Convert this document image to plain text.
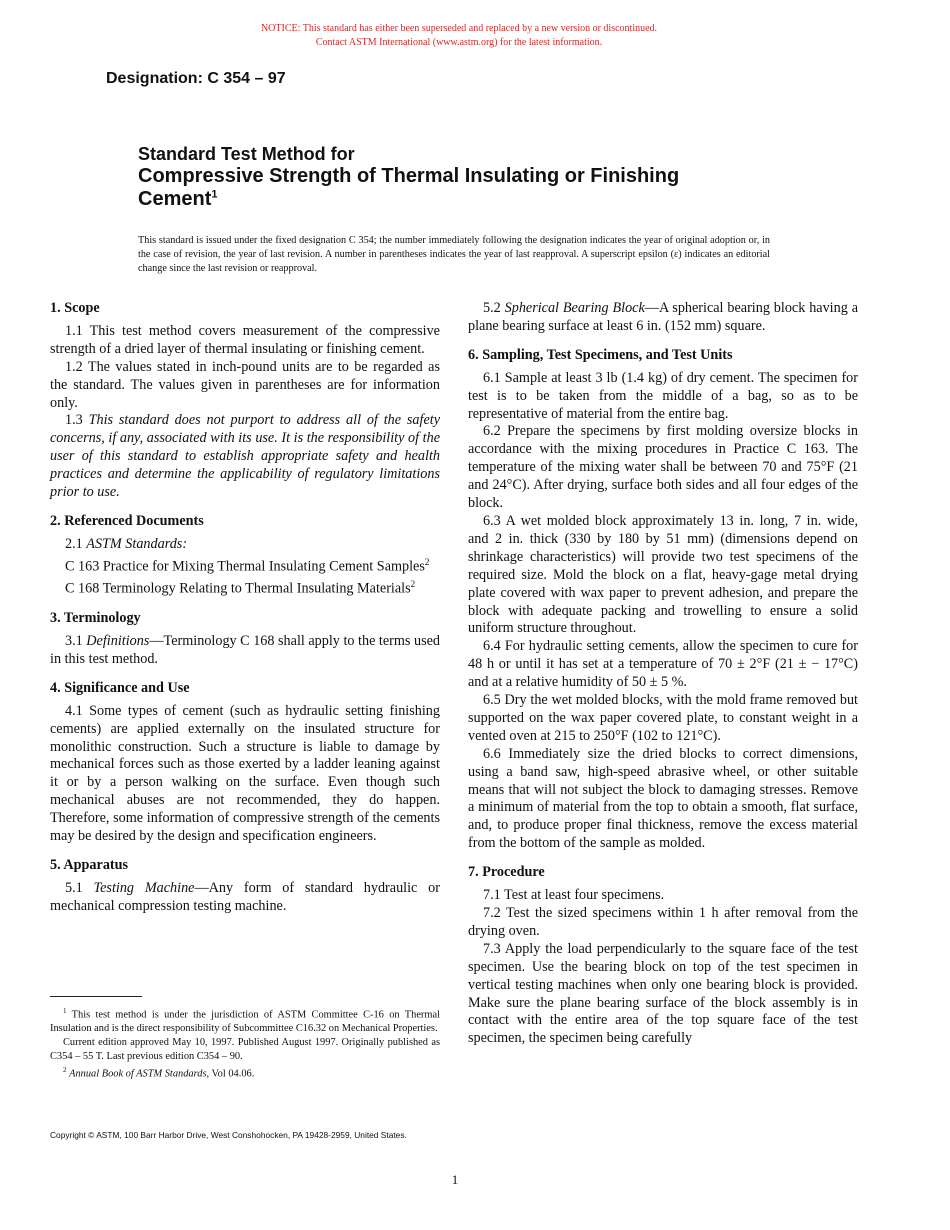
NOTICE: This standard has either been superseded and replaced by a new version or discontinued.
Contact ASTM International (www.astm.org) for the latest information.
Designation: C 354 – 97
Standard Test Method for
Compressive Strength of Thermal Insulating or Finishing
Cement$^1$
This standard is issued under the fixed designation C 354; the number immediately following the designation indicates the year of original adoption or, in the case of revision, the year of last revision. A number in parentheses indicates the year of last reapproval. A superscript epsilon (ε) indicates an editorial change since the last revision or reapproval.
1. Scope

1.1 This test method covers measurement of the compressive strength of a dried layer of thermal insulating or finishing cement.

1.2 The values stated in inch-pound units are to be regarded as the standard. The values given in parentheses are for information only.

1.3 This standard does not purport to address all of the safety concerns, if any, associated with its use. It is the responsibility of the user of this standard to establish appropriate safety and health practices and determine the applicability of regulatory limitations prior to use.

2. Referenced Documents

2.1 ASTM Standards:

C 163 Practice for Mixing Thermal Insulating Cement Samples$^2$

C 168 Terminology Relating to Thermal Insulating Materials$^2$

3. Terminology

3.1 Definitions—Terminology C 168 shall apply to the terms used in this test method.

4. Significance and Use

4.1 Some types of cement (such as hydraulic setting finishing cements) are applied externally on the insulated structure for monolithic construction. Such a structure is liable to damage by mechanical forces such as those exerted by a ladder leaning against it or by a person walking on the surface. Even though such mechanical abuses are not recommended, they do happen. Therefore, some information of compressive strength of the cements may be desired by the design and specification engineers.

5. Apparatus

5.1 Testing Machine—Any form of standard hydraulic or mechanical compression testing machine.

5.2 Spherical Bearing Block—A spherical bearing block having a plane bearing surface at least 6 in. (152 mm) square.

6. Sampling, Test Specimens, and Test Units

6.1 Sample at least 3 lb (1.4 kg) of dry cement. The specimen for test is to be taken from the middle of a bag, so as to be representative of material from the entire bag.

6.2 Prepare the specimens by first molding oversize blocks in accordance with the mixing procedures in Practice C 163. The temperature of the mixing water shall be between 70 and 75°F (21 and 24°C). After drying, surface both sides and all four edges of the block.

6.3 A wet molded block approximately 13 in. long, 7 in. wide, and 2 in. thick (330 by 180 by 51 mm) (dimensions depend on shrinkage characteristics) will provide two test specimens of the required size. Mold the block on a flat, heavy-gage metal drying plate covered with wax paper to prevent adhesion, and prepare the block with adequate packing and trowelling to ensure a solid uniform structure throughout.

6.4 For hydraulic setting cements, allow the specimen to cure for 48 h or until it has set at a temperature of 70 ± 2°F (21 ± − 17°C) and at a relative humidity of 50 ± 5 %.

6.5 Dry the wet molded blocks, with the mold frame removed but supported on the wax paper covered plate, to constant weight in a vented oven at 215 to 250°F (102 to 121°C).

6.6 Immediately size the dried blocks to correct dimensions, using a band saw, high-speed abrasive wheel, or other suitable means that will not subject the block to damaging stresses. Remove a minimum of material from the top to obtain a smooth, flat surface, and, to produce proper final thickness, remove the excess material from the bottom of the sample as molded.

7. Procedure

7.1 Test at least four specimens.

7.2 Test the sized specimens within 1 h after removal from the drying oven.

7.3 Apply the load perpendicularly to the square face of the test specimen. Use the bearing block on top of the test specimen in vertical testing machines when only one bearing block is provided. Make sure the plane bearing surface of the block assembly is in contact with the entire area of the top square face of the test specimen, the specimen being carefully

$^1$ This test method is under the jurisdiction of ASTM Committee C-16 on Thermal Insulation and is the direct responsibility of Subcommittee C16.32 on Mechanical Properties.

Current edition approved May 10, 1997. Published August 1997. Originally published as C354 – 55 T. Last previous edition C354 – 90.

$^2$ Annual Book of ASTM Standards, Vol 04.06.

Copyright © ASTM, 100 Barr Harbor Drive, West Conshohocken, PA 19428-2959, United States.
1
